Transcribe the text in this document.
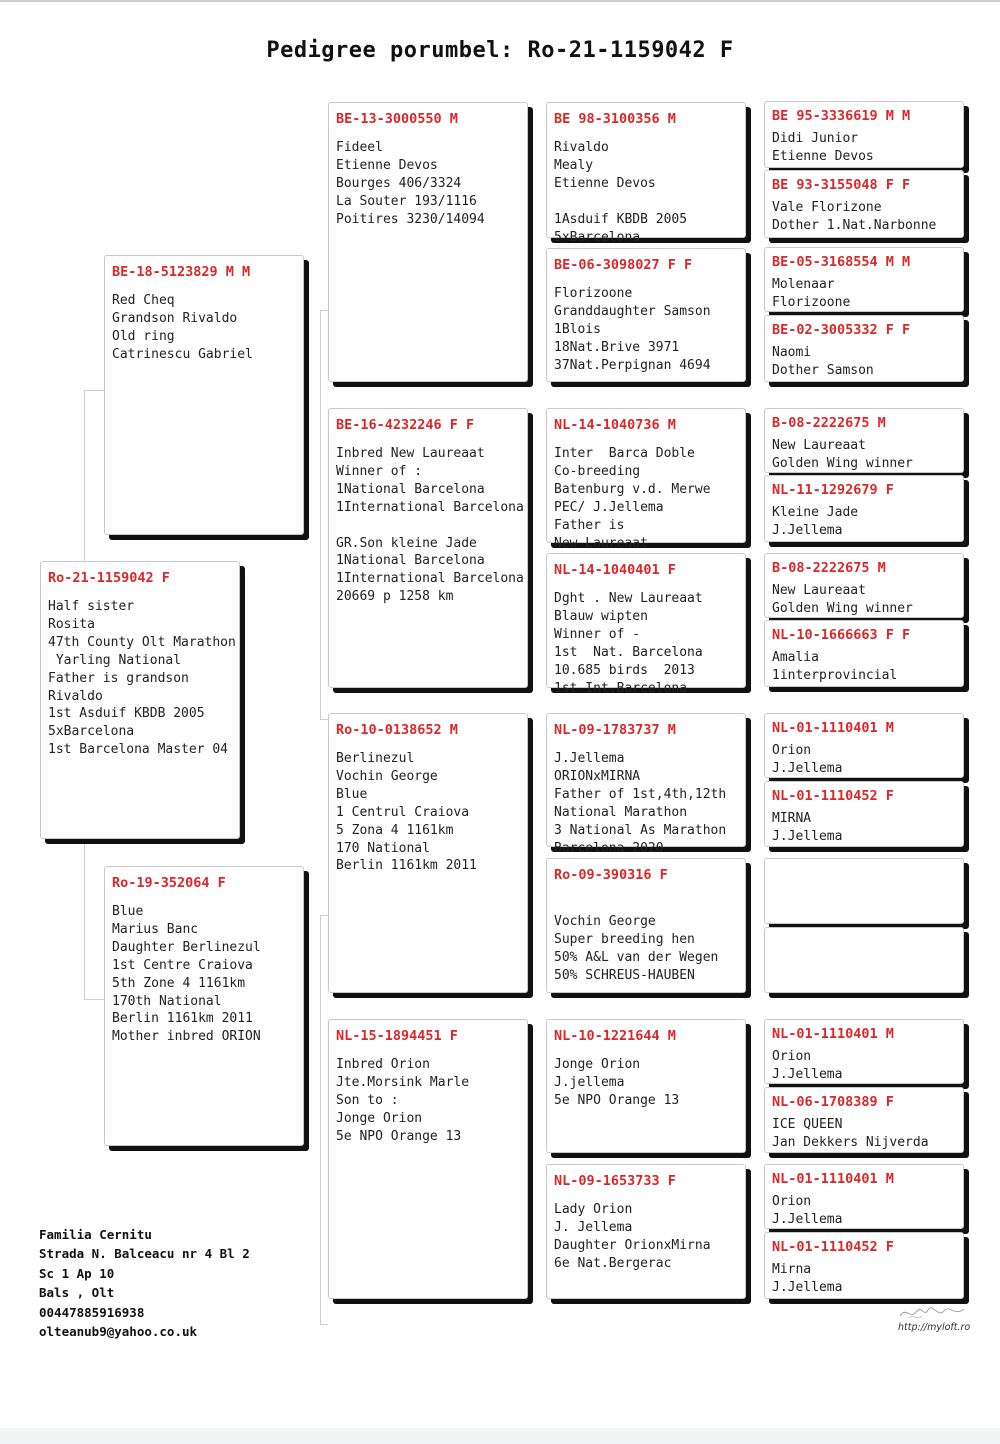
Pedigree porumbel: Ro-21-1159042 F
Ro-21-1159042 F
Half sister
Rosita
47th County Olt Marathon
Yarling National
Father is grandson
Rivaldo
1st Asduif KBDB 2005
5xBarcelona
1st Barcelona Master 04
BE-18-5123829 M M
Red Cheq
Grandson Rivaldo
Old ring
Catrinescu Gabriel
Ro-19-352064 F
Blue
Marius Banc
Daughter Berlinezul
1st Centre Craiova
5th Zone 4 1161km
170th National
Berlin 1161km 2011
Mother inbred ORION
BE-13-3000550 M
Fideel
Etienne Devos
Bourges 406/3324
La Souter 193/1116
Poitires 3230/14094
BE-16-4232246 F F
Inbred New Laureaat
Winner of :
1National Barcelona
1International Barcelona

GR.Son kleine Jade
1National Barcelona
1International Barcelona
20669 p 1258 km
Ro-10-0138652 M
Berlinezul
Vochin George
Blue
1 Centrul Craiova
5 Zona 4 1161km
170 National
Berlin 1161km 2011
NL-15-1894451 F
Inbred Orion
Jte.Morsink Marle
Son to :
Jonge Orion
5e NPO Orange 13
BE 98-3100356 M
Rivaldo
Mealy
Etienne Devos

1Asduif KBDB 2005
5xBarcelona
BE-06-3098027 F F
Florizoone
Granddaughter Samson
1Blois
18Nat.Brive 3971
37Nat.Perpignan 4694
NL-14-1040736 M
Inter  Barca Doble
Co-breeding
Batenburg v.d. Merwe
PEC/ J.Jellema
Father is
New Laureaat
NL-14-1040401 F
Dght . New Laureaat
Blauw wipten
Winner of -
1st  Nat. Barcelona
10.685 birds  2013
1st Int.Barcelona
NL-09-1783737 M
J.Jellema
ORIONxMIRNA
Father of 1st,4th,12th
National Marathon
3 National As Marathon
Barcelona 2020
Ro-09-390316 F

Vochin George
Super breeding hen
50% A&L van der Wegen
50% SCHREUS-HAUBEN
NL-10-1221644 M
Jonge Orion
J.jellema
5e NPO Orange 13
NL-09-1653733 F
Lady Orion
J. Jellema
Daughter OrionxMirna
6e Nat.Bergerac
BE 95-3336619 M M
Didi Junior
Etienne Devos
BE 93-3155048 F F
Vale Florizone
Dother 1.Nat.Narbonne
BE-05-3168554 M M
Molenaar
Florizoone
BE-02-3005332 F F
Naomi
Dother Samson
B-08-2222675 M
New Laureaat
Golden Wing winner
NL-11-1292679 F
Kleine Jade
J.Jellema
B-08-2222675 M
New Laureaat
Golden Wing winner
NL-10-1666663 F F
Amalia
1interprovincial
NL-01-1110401 M
Orion
J.Jellema
NL-01-1110452 F
MIRNA
J.Jellema
NL-01-1110401 M
Orion
J.Jellema
NL-06-1708389 F
ICE QUEEN
Jan Dekkers Nijverda
NL-01-1110401 M
Orion
J.Jellema
NL-01-1110452 F
Mirna
J.Jellema
Familia Cernitu
Strada N. Balceacu nr 4 Bl 2
Sc 1 Ap 10
Bals , Olt
00447885916938
olteanub9@yahoo.co.uk	http://myloft.ro
